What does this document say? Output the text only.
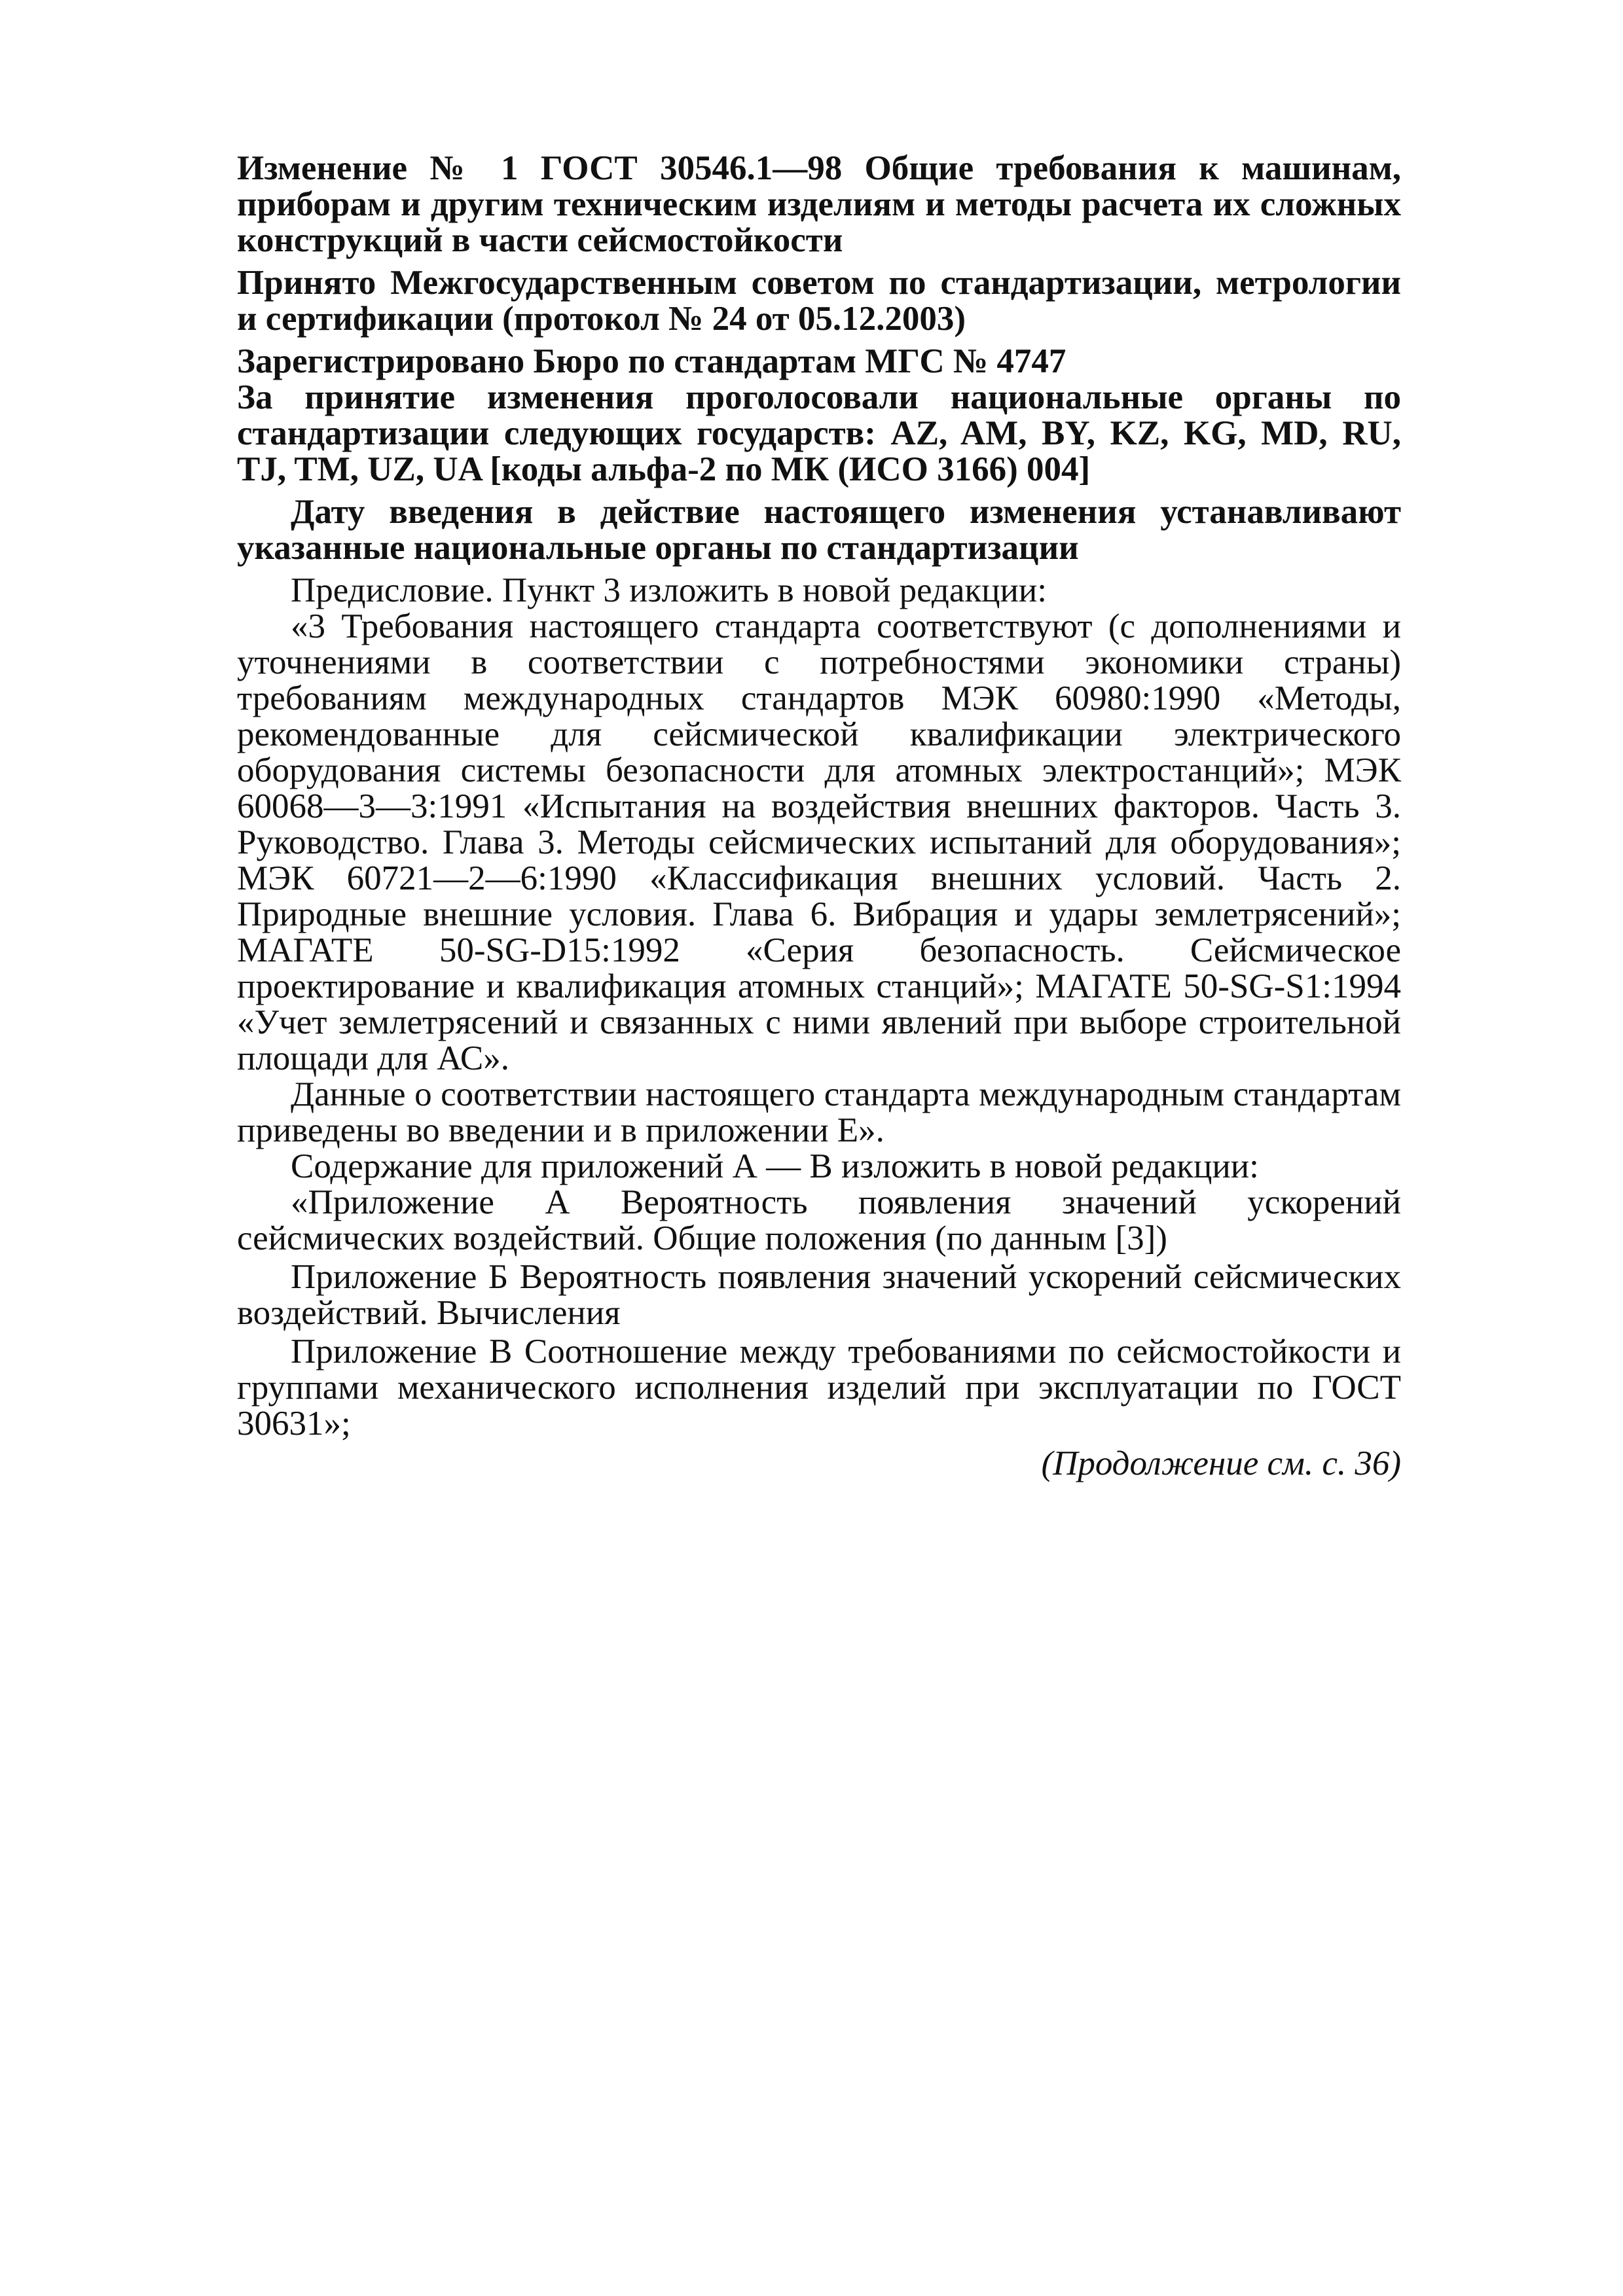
Изменение № 1 ГОСТ 30546.1—98 Общие требования к машинам, приборам и другим техническим изделиям и методы расчета их сложных конструкций в части сейсмостойкости
Принято Межгосударственным советом по стандартизации, метрологии и сертификации (протокол № 24 от 05.12.2003)
Зарегистрировано Бюро по стандартам МГС № 4747
За принятие изменения проголосовали национальные органы по стандартизации следующих государств: AZ, AM, BY, KZ, KG, MD, RU, TJ, TM, UZ, UA [коды альфа-2 по МК (ИСО 3166) 004]
Дату введения в действие настоящего изменения устанавливают указанные национальные органы по стандартизации
Предисловие. Пункт 3 изложить в новой редакции:
«3 Требования настоящего стандарта соответствуют (с дополнениями и уточнениями в соответствии с потребностями экономики страны) требованиям международных стандартов МЭК 60980:1990 «Методы, рекомендованные для сейсмической квалификации электрического оборудования системы безопасности для атомных электростанций»; МЭК 60068—3—3:1991 «Испытания на воздействия внешних факторов. Часть 3. Руководство. Глава 3. Методы сейсмических испытаний для оборудования»; МЭК 60721—2—6:1990 «Классификация внешних условий. Часть 2. Природные внешние условия. Глава 6. Вибрация и удары землетрясений»; МАГАТЕ 50-SG-D15:1992 «Серия безопасность. Сейсмическое проектирование и квалификация атомных станций»; МАГАТЕ 50-SG-S1:1994 «Учет землетрясений и связанных с ними явлений при выборе строительной площади для АС».
Данные о соответствии настоящего стандарта международным стандартам приведены во введении и в приложении Е».
Содержание для приложений А — В изложить в новой редакции:
«Приложение А Вероятность появления значений ускорений сейсмических воздействий. Общие положения (по данным [3])
Приложение Б Вероятность появления значений ускорений сейсмических воздействий. Вычисления
Приложение В Соотношение между требованиями по сейсмостойкости и группами механического исполнения изделий при эксплуатации по ГОСТ 30631»;
(Продолжение см. с. 36)
